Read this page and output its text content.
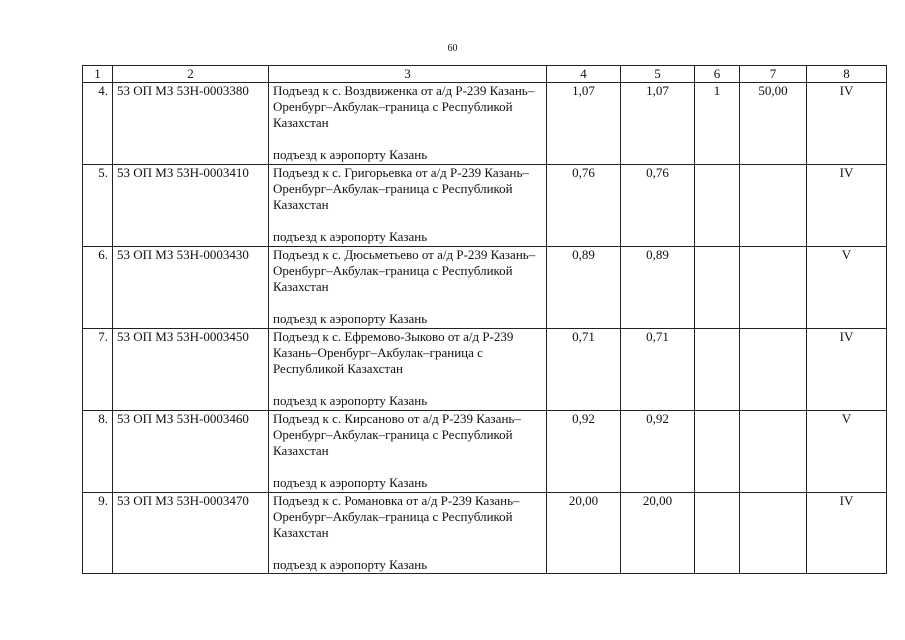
60
1	2	3	4	5	6	7	8
4.	53 ОП МЗ 53Н-0003380	Подъезд к с. Воздвиженка от а/д Р-239 Казань–Оренбург–Акбулак–граница с Республикой Казахстан
подъезд к аэропорту Казань	1,07	1,07	1	50,00	IV
5.	53 ОП МЗ 53Н-0003410	Подъезд к с. Григорьевка от а/д Р-239 Казань–Оренбург–Акбулак–граница с Республикой Казахстан
подъезд к аэропорту Казань	0,76	0,76			IV
6.	53 ОП МЗ 53Н-0003430	Подъезд к с. Дюсьметьево от а/д Р-239 Казань–Оренбург–Акбулак–граница с Республикой Казахстан
подъезд к аэропорту Казань	0,89	0,89			V
7.	53 ОП МЗ 53Н-0003450	Подъезд к с. Ефремово-Зыково от а/д Р-239 Казань–Оренбург–Акбулак–граница с Республикой Казахстан
подъезд к аэропорту Казань	0,71	0,71			IV
8.	53 ОП МЗ 53Н-0003460	Подъезд к с. Кирсаново от а/д Р-239 Казань–Оренбург–Акбулак–граница с Республикой Казахстан
подъезд к аэропорту Казань	0,92	0,92			V
9.	53 ОП МЗ 53Н-0003470	Подъезд к с. Романовка от а/д Р-239 Казань–Оренбург–Акбулак–граница с Республикой Казахстан
подъезд к аэропорту Казань	20,00	20,00			IV
